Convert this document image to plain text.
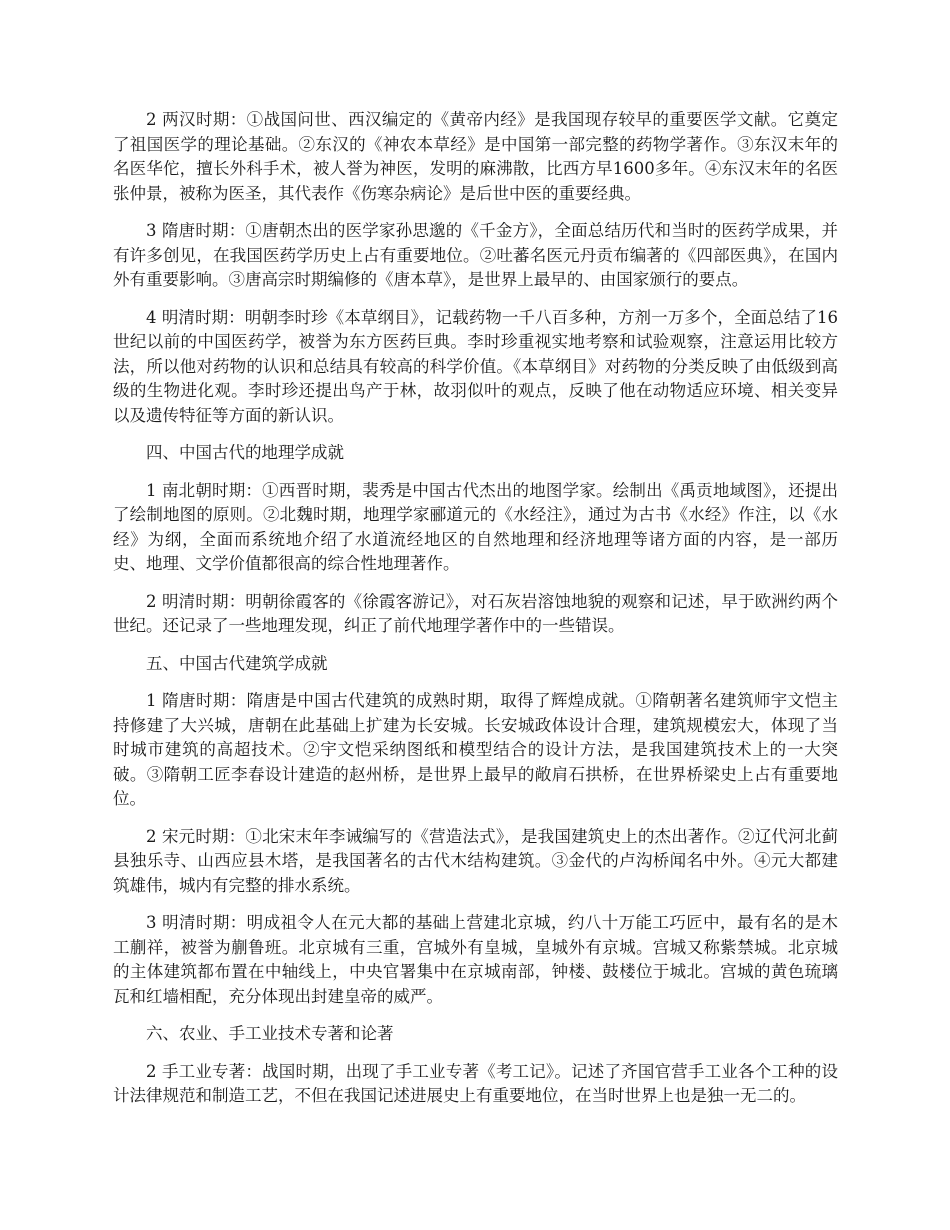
2 两汉时期：①战国问世、西汉编定的《黄帝内经》是我国现存较早的重要医学文献。它奠定了祖国医学的理论基础。②东汉的《神农本草经》是中国第一部完整的药物学著作。③东汉末年的名医华佗，擅长外科手术，被人誉为神医，发明的麻沸散，比西方早1600多年。④东汉末年的名医张仲景，被称为医圣，其代表作《伤寒杂病论》是后世中医的重要经典。

3 隋唐时期：①唐朝杰出的医学家孙思邈的《千金方》，全面总结历代和当时的医药学成果，并有许多创见，在我国医药学历史上占有重要地位。②吐蕃名医元丹贡布编著的《四部医典》，在国内外有重要影响。③唐高宗时期编修的《唐本草》，是世界上最早的、由国家颁行的要点。

4 明清时期：明朝李时珍《本草纲目》，记载药物一千八百多种，方剂一万多个，全面总结了16世纪以前的中国医药学，被誉为东方医药巨典。李时珍重视实地考察和试验观察，注意运用比较方法，所以他对药物的认识和总结具有较高的科学价值。《本草纲目》对药物的分类反映了由低级到高级的生物进化观。李时珍还提出鸟产于林，故羽似叶的观点，反映了他在动物适应环境、相关变异以及遗传特征等方面的新认识。

四、中国古代的地理学成就

1 南北朝时期：①西晋时期，裴秀是中国古代杰出的地图学家。绘制出《禹贡地域图》，还提出了绘制地图的原则。②北魏时期，地理学家郦道元的《水经注》，通过为古书《水经》作注，以《水经》为纲，全面而系统地介绍了水道流经地区的自然地理和经济地理等诸方面的内容，是一部历史、地理、文学价值都很高的综合性地理著作。

2 明清时期：明朝徐霞客的《徐霞客游记》，对石灰岩溶蚀地貌的观察和记述，早于欧洲约两个世纪。还记录了一些地理发现，纠正了前代地理学著作中的一些错误。

五、中国古代建筑学成就

1 隋唐时期：隋唐是中国古代建筑的成熟时期，取得了辉煌成就。①隋朝著名建筑师宇文恺主持修建了大兴城，唐朝在此基础上扩建为长安城。长安城政体设计合理，建筑规模宏大，体现了当时城市建筑的高超技术。②宇文恺采纳图纸和模型结合的设计方法，是我国建筑技术上的一大突破。③隋朝工匠李春设计建造的赵州桥，是世界上最早的敞肩石拱桥，在世界桥梁史上占有重要地位。

2 宋元时期：①北宋末年李诫编写的《营造法式》，是我国建筑史上的杰出著作。②辽代河北蓟县独乐寺、山西应县木塔，是我国著名的古代木结构建筑。③金代的卢沟桥闻名中外。④元大都建筑雄伟，城内有完整的排水系统。

3 明清时期：明成祖令人在元大都的基础上营建北京城，约八十万能工巧匠中，最有名的是木工蒯祥，被誉为蒯鲁班。北京城有三重，宫城外有皇城，皇城外有京城。宫城又称紫禁城。北京城的主体建筑都布置在中轴线上，中央官署集中在京城南部，钟楼、鼓楼位于城北。宫城的黄色琉璃瓦和红墙相配，充分体现出封建皇帝的威严。

六、农业、手工业技术专著和论著

2 手工业专著：战国时期，出现了手工业专著《考工记》。记述了齐国官营手工业各个工种的设计法律规范和制造工艺，不但在我国记述进展史上有重要地位，在当时世界上也是独一无二的。
